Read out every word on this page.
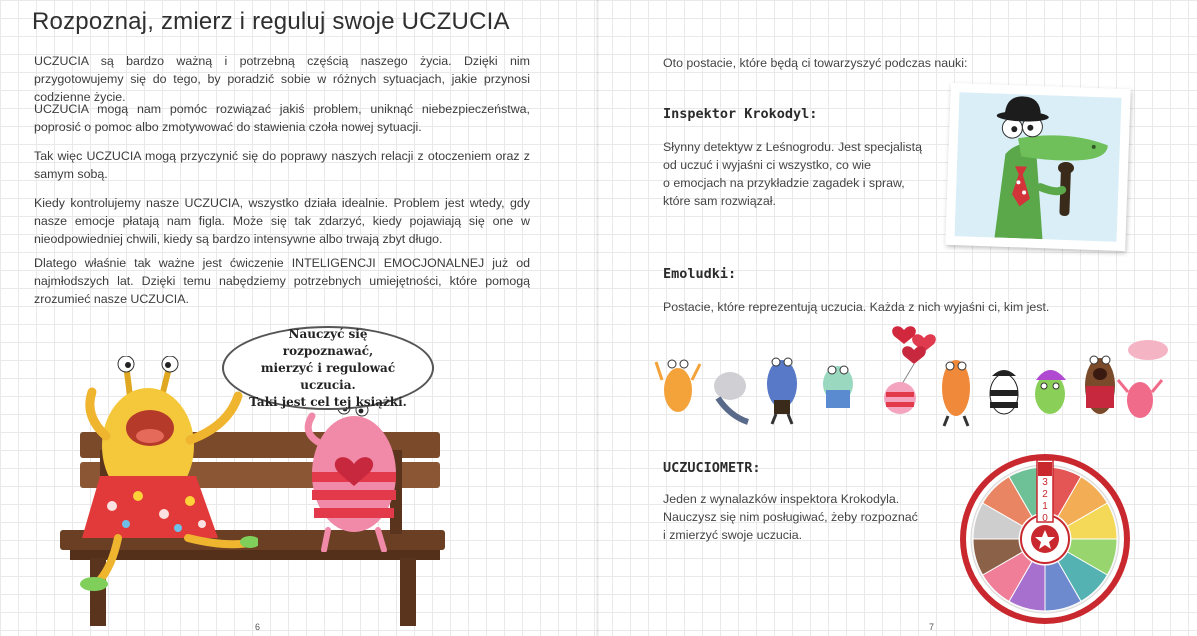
Rozpoznaj, zmierz i reguluj swoje UCZUCIA

UCZUCIA są bardzo ważną i potrzebną częścią naszego życia. Dzięki nim przygotowujemy się do tego, by poradzić sobie w różnych sytuacjach, jakie przynosi codzienne życie.

UCZUCIA mogą nam pomóc rozwiązać jakiś problem, uniknąć niebezpieczeństwa, poprosić o pomoc albo zmotywować do stawienia czoła nowej sytuacji.

Tak więc UCZUCIA mogą przyczynić się do poprawy naszych relacji z otoczeniem oraz z samym sobą.

Kiedy kontrolujemy nasze UCZUCIA, wszystko działa idealnie. Problem jest wtedy, gdy nasze emocje płatają nam figla. Może się tak zdarzyć, kiedy pojawiają się one w nieodpowiedniej chwili, kiedy są bardzo intensywne albo trwają zbyt długo.

Dlatego właśnie tak ważne jest ćwiczenie INTELIGENCJI EMOCJONALNEJ już od najmłodszych lat. Dzięki temu nabędziemy potrzebnych umiejętności, które pomogą zrozumieć nasze UCZUCIA.

Nauczyć się rozpoznawać,
mierzyć i regulować uczucia.
Taki jest cel tej książki.
6
Oto postacie, które będą ci towarzyszyć podczas nauki:
Inspektor Krokodyl:
Słynny detektyw z Leśnogrodu. Jest specjalistą
od uczuć i wyjaśni ci wszystko, co wie
o emocjach na przykładzie zagadek i spraw,
które sam rozwiązał.
Emoludki:
Postacie, które reprezentują uczucia. Każda z nich wyjaśni ci, kim jest.
UCZUCIOMETR:
Jeden z wynalazków inspektora Krokodyla.
Nauczysz się nim posługiwać, żeby rozpoznać
i zmierzyć swoje uczucia.
7
3
2
1
0
